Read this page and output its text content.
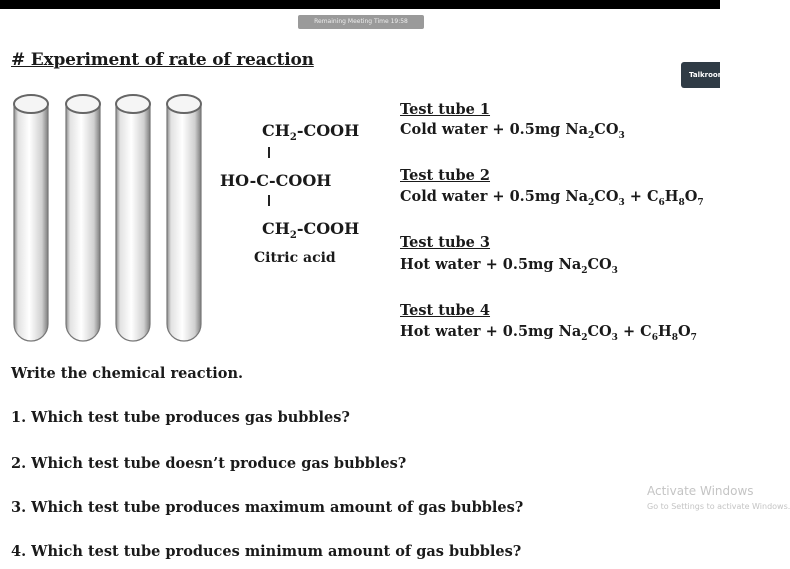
Remaining Meeting Time 19:58
Talkroom
# Experiment of rate of reaction
$CH_2$-COOH
HO-C-COOH
$CH_2$-COOH
Citric acid
Test tube 1
Cold water + 0.5mg $Na_2CO_3$
Test tube 2
Cold water + 0.5mg $Na_2CO_3 + C_6H_8O_7$
Test tube 3
Hot water + 0.5mg $Na_2CO_3$
Test tube 4
Hot water + 0.5mg $Na_2CO_3 + C_6H_8O_7$
Write the chemical reaction.
1. Which test tube produces gas bubbles?
2. Which test tube doesn’t produce gas bubbles?
3. Which test tube produces maximum amount of gas bubbles?
4. Which test tube produces minimum amount of gas bubbles?
Activate Windows
Go to Settings to activate Windows.
